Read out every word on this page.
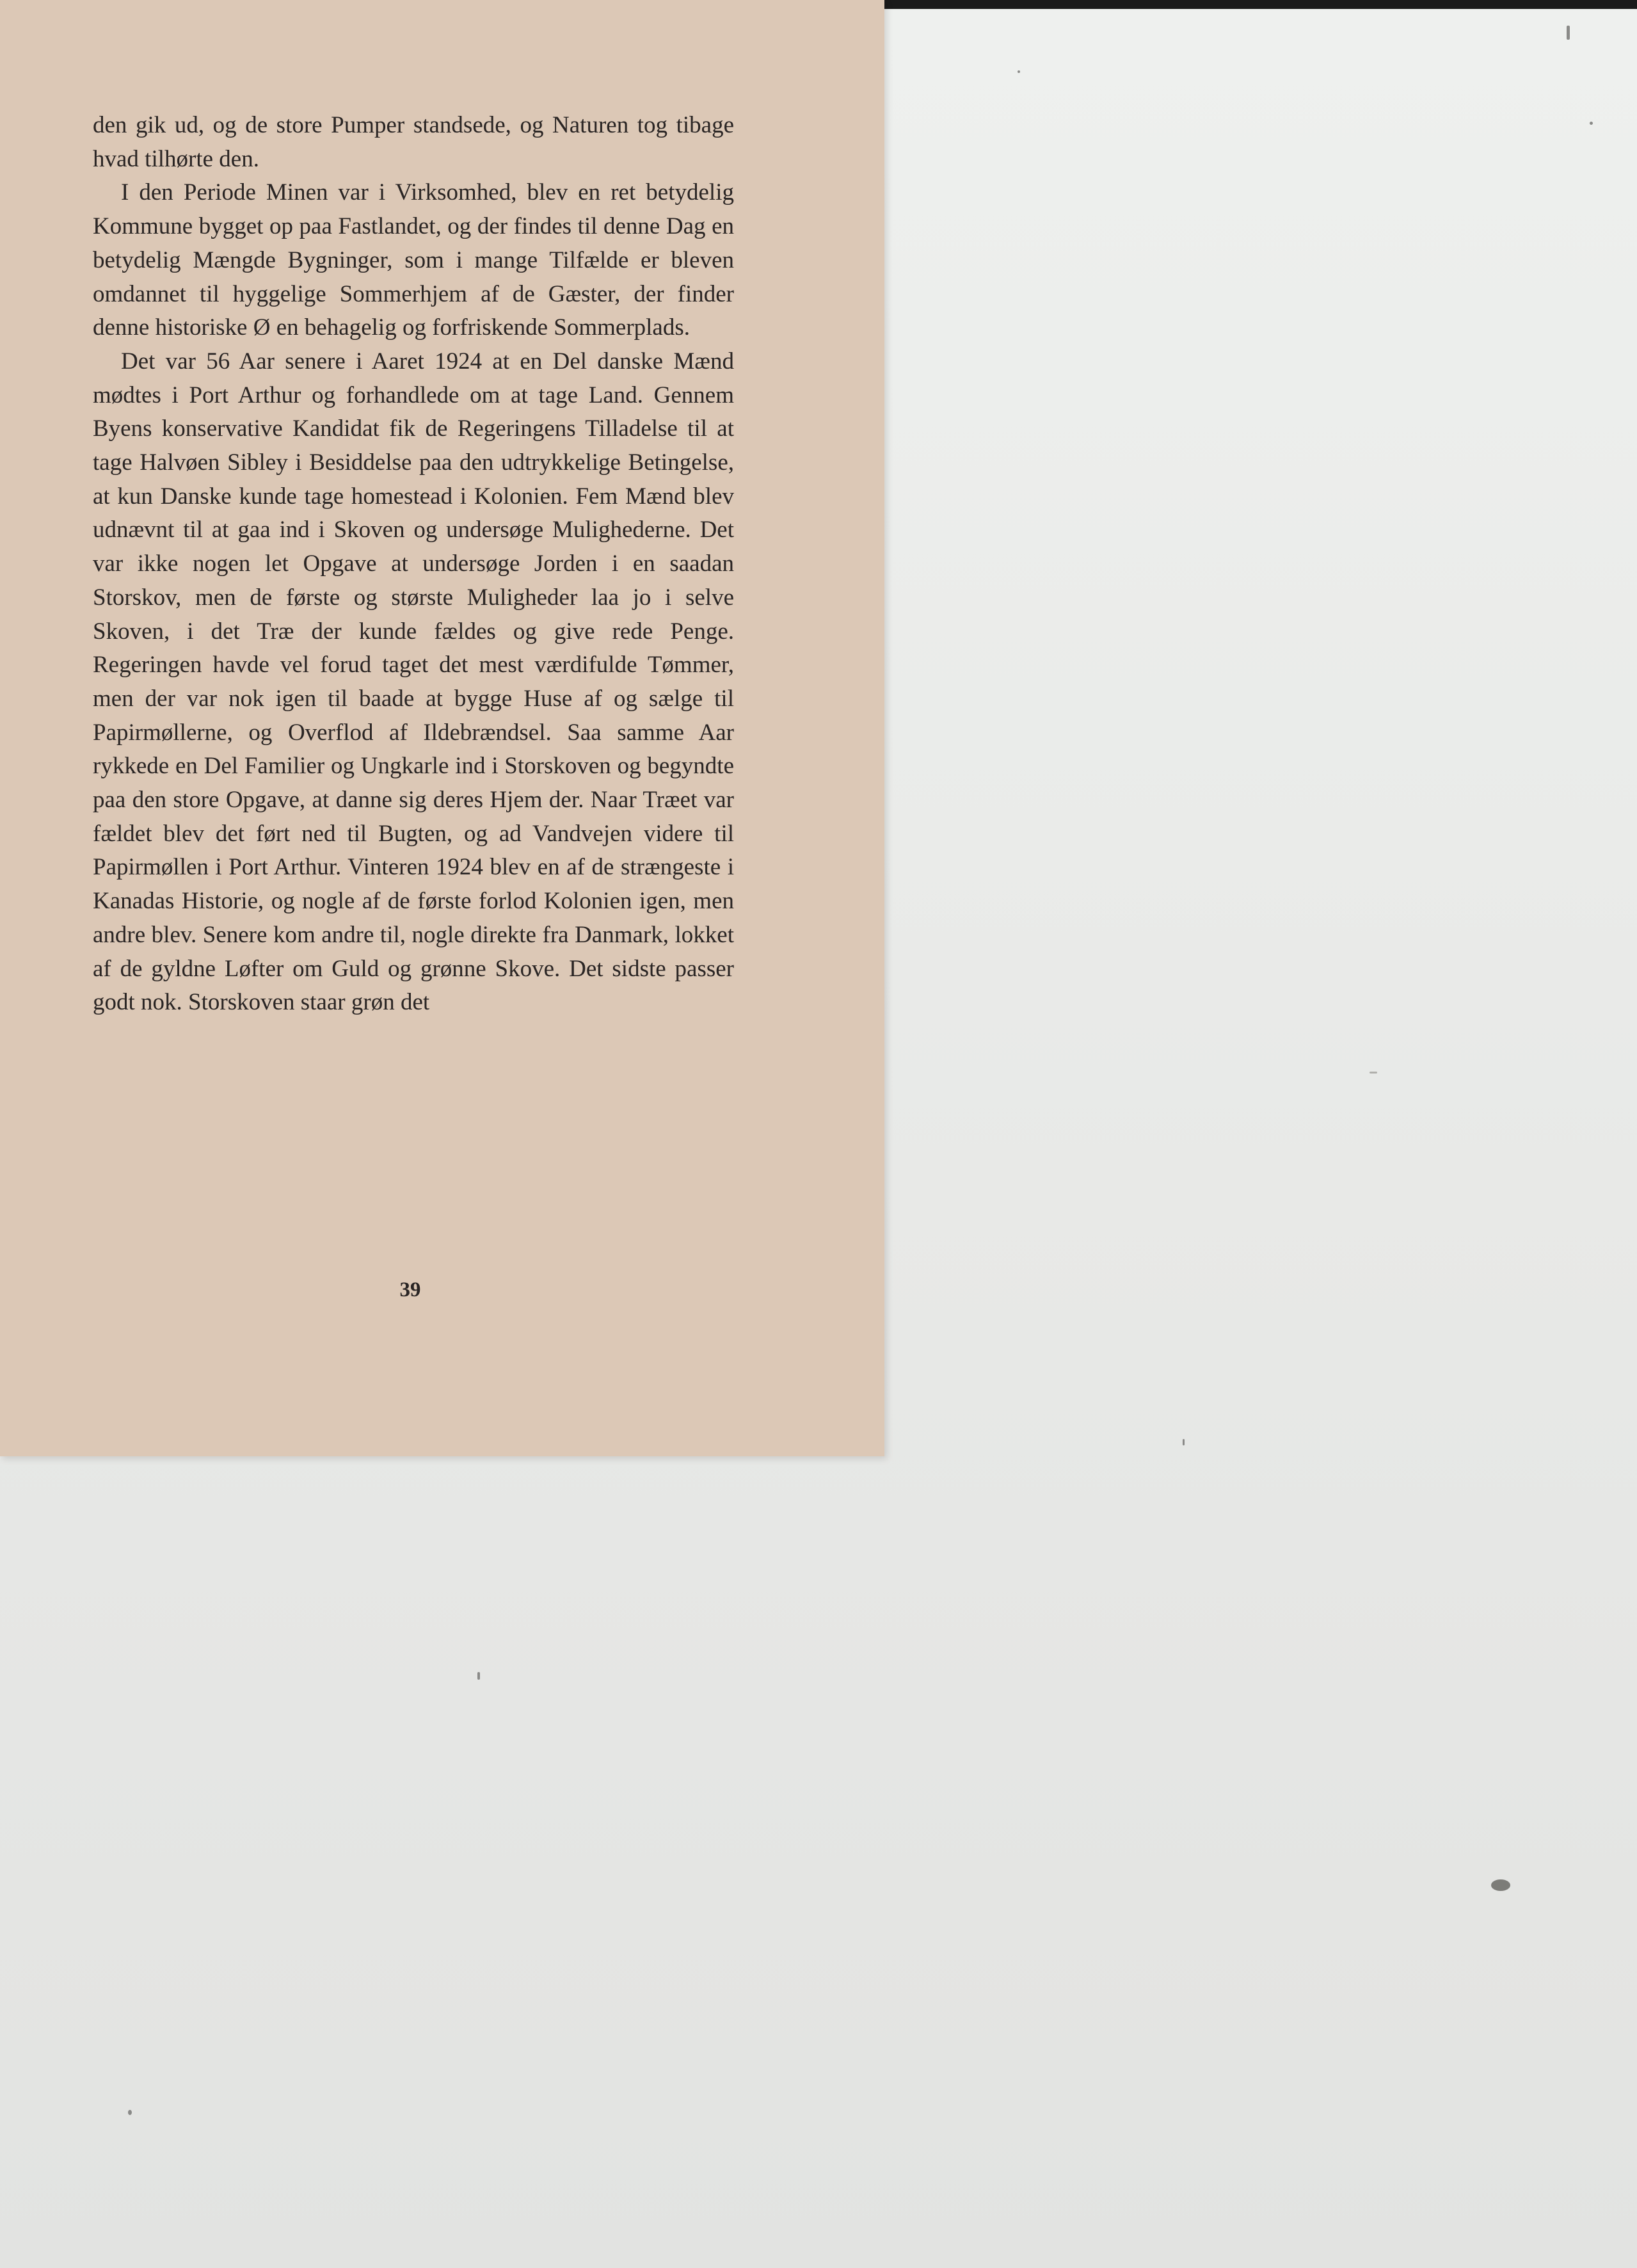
den gik ud, og de store Pumper standsede, og Naturen tog tibage hvad tilhørte den.

I den Periode Minen var i Virksomhed, blev en ret betydelig Kommune bygget op paa Fastlandet, og der findes til denne Dag en betydelig Mængde Bygninger, som i mange Tilfælde er bleven omdannet til hyggelige Sommerhjem af de Gæster, der finder denne historiske Ø en behagelig og forfriskende Sommerplads.

Det var 56 Aar senere i Aaret 1924 at en Del danske Mænd mødtes i Port Arthur og forhandlede om at tage Land. Gennem Byens konservative Kandidat fik de Regeringens Tilladelse til at tage Halvøen Sibley i Besiddelse paa den udtrykkelige Betingelse, at kun Danske kunde tage homestead i Kolonien. Fem Mænd blev udnævnt til at gaa ind i Skoven og undersøge Mulighederne. Det var ikke nogen let Opgave at undersøge Jorden i en saadan Storskov, men de første og største Muligheder laa jo i selve Skoven, i det Træ der kunde fældes og give rede Penge. Regeringen havde vel forud taget det mest værdifulde Tømmer, men der var nok igen til baade at bygge Huse af og sælge til Papirmøllerne, og Overflod af Ildebrændsel. Saa samme Aar rykkede en Del Familier og Ungkarle ind i Storskoven og begyndte paa den store Opgave, at danne sig deres Hjem der. Naar Træet var fældet blev det ført ned til Bugten, og ad Vandvejen videre til Papirmøllen i Port Arthur. Vinteren 1924 blev en af de strængeste i Kanadas Historie, og nogle af de første forlod Kolonien igen, men andre blev. Senere kom andre til, nogle direkte fra Danmark, lokket af de gyldne Løfter om Guld og grønne Skove. Det sidste passer godt nok. Storskoven staar grøn det

39
